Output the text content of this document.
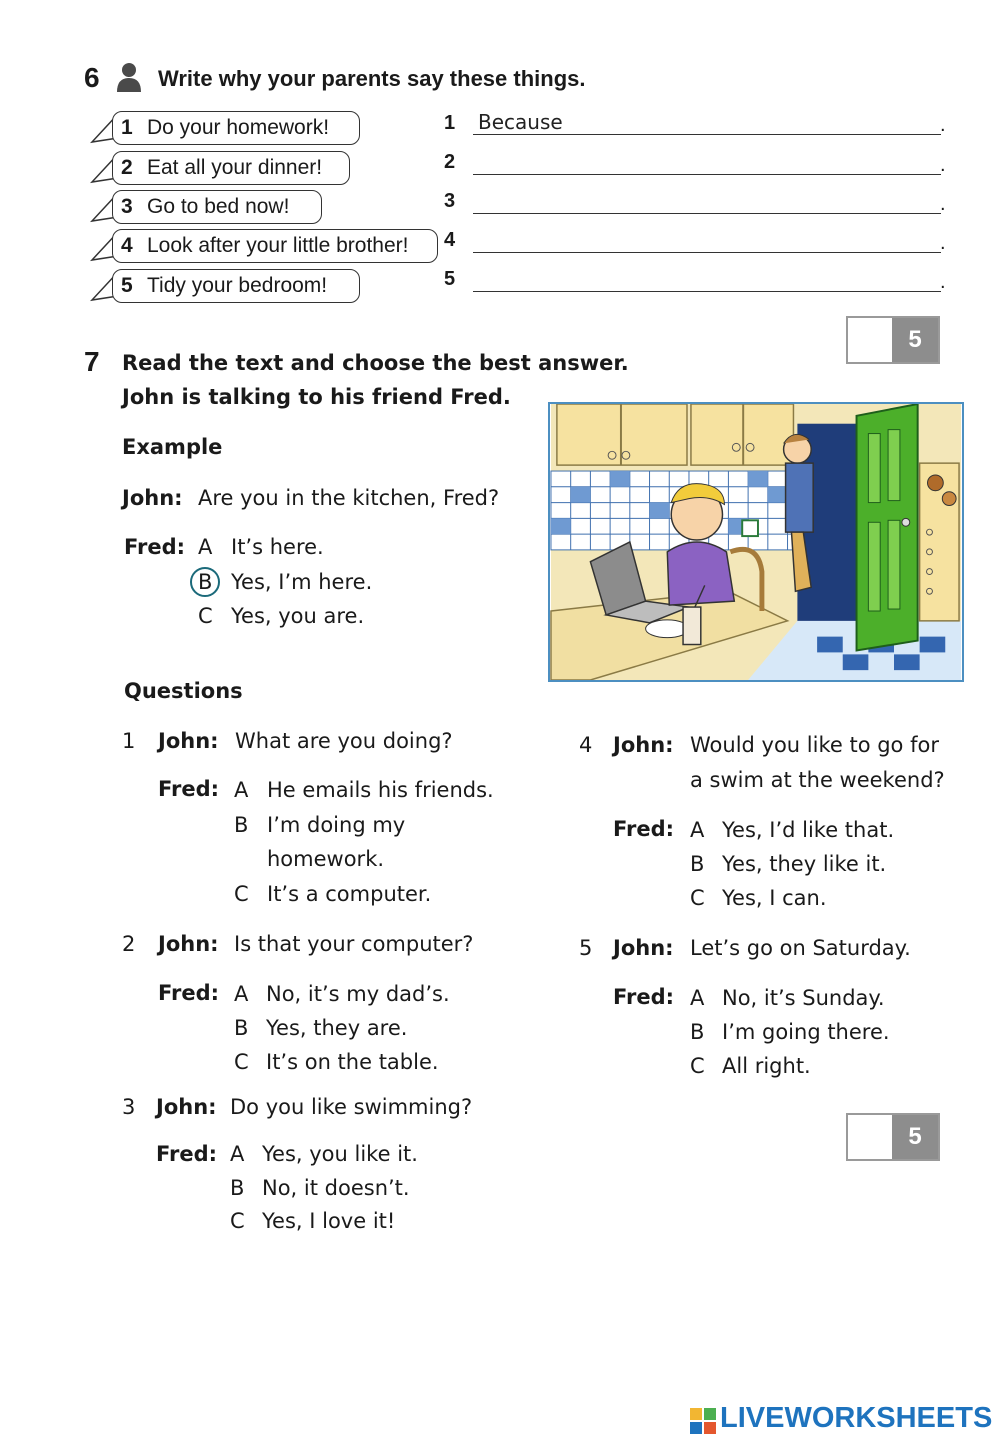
6	Write why your parents say these things.
1 Do your homework!
2 Eat all your dinner!
3 Go to bed now!
4 Look after your little brother!
5 Tidy your bedroom!
1 Because	.
2	.
3	.
4	.
5	.
5
7 Read the text and choose the best answer.
John is talking to his friend Fred.
Example
John: Are you in the kitchen, Fred?
Fred: A It’s here.
B Yes, I’m here.
C Yes, you are.
Questions
1 John: What are you doing?
Fred: A He emails his friends.
B I’m doing my
homework.
C It’s a computer.
2 John: Is that your computer?
Fred: A No, it’s my dad’s.
B Yes, they are.
C It’s on the table.
3 John: Do you like swimming?
Fred: A Yes, you like it.
B No, it doesn’t.
C Yes, I love it!
4 John: Would you like to go for
a swim at the weekend?
Fred: A Yes, I’d like that.
B Yes, they like it.
C Yes, I can.
5 John: Let’s go on Saturday.
Fred: A No, it’s Sunday.
B I’m going there.
C All right.
5
LIVEWORKSHEETS
